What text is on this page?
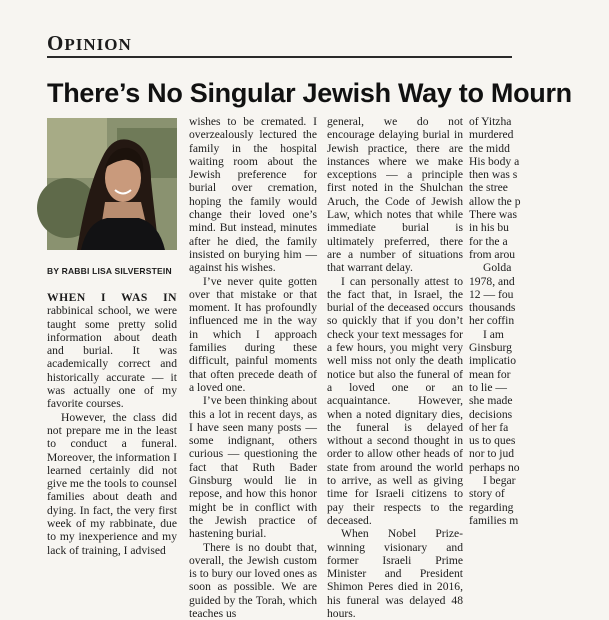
OPINION
There’s No Singular Jewish Way to Mourn
BY RABBI LISA SILVERSTEIN

WHEN I WAS IN rabbinical school, we were taught some pretty solid information about death and burial. It was academically correct and historically accurate — it was actually one of my favorite courses.

However, the class did not prepare me in the least to conduct a funeral. Moreover, the information I learned certainly did not give me the tools to counsel families about death and dying. In fact, the very first week of my rabbinate, due to my inexperience and my lack of training, I advised

wishes to be cremated. I overzealously lectured the family in the hospital waiting room about the Jewish preference for burial over cremation, hoping the family would change their loved one’s mind. But instead, minutes after he died, the family insisted on burying him — against his wishes.

I’ve never quite gotten over that mistake or that moment. It has profoundly influenced me in the way in which I approach families during these difficult, painful moments that often precede death of a loved one.

I’ve been thinking about this a lot in recent days, as I have seen many posts — some indignant, others curious — questioning the fact that Ruth Bader Ginsburg would lie in repose, and how this honor might be in conflict with the Jewish practice of hastening burial.

There is no doubt that, overall, the Jewish custom is to bury our loved ones as soon as possible. We are guided by the Torah, which teaches us

general, we do not encourage delaying burial in Jewish practice, there are instances where we make exceptions — a principle first noted in the Shulchan Aruch, the Code of Jewish Law, which notes that while immediate burial is ultimately preferred, there are a number of situations that warrant delay.

I can personally attest to the fact that, in Israel, the burial of the deceased occurs so quickly that if you don’t check your text messages for a few hours, you might very well miss not only the death notice but also the funeral of a loved one or an acquaintance. However, when a noted dignitary dies, the funeral is delayed without a second thought in order to allow other heads of state from around the world to arrive, as well as giving time for Israeli citizens to pay their respects to the deceased.

When Nobel Prize-winning visionary and former Israeli Prime Minister and President Shimon Peres died in 2016, his funeral was delayed 48 hours.

of Yitzha
murdered
the midd
His body a
then was s
the stree
allow the p
There was
in his bu
for the a
from arou
Golda
1978, and
12 — fou
thousands
her coffin
I am
Ginsburg
implicatio
mean for
to lie —
she made
decisions
of her fa
us to ques
nor to jud
perhaps no
I begar
story of
regarding
families m
